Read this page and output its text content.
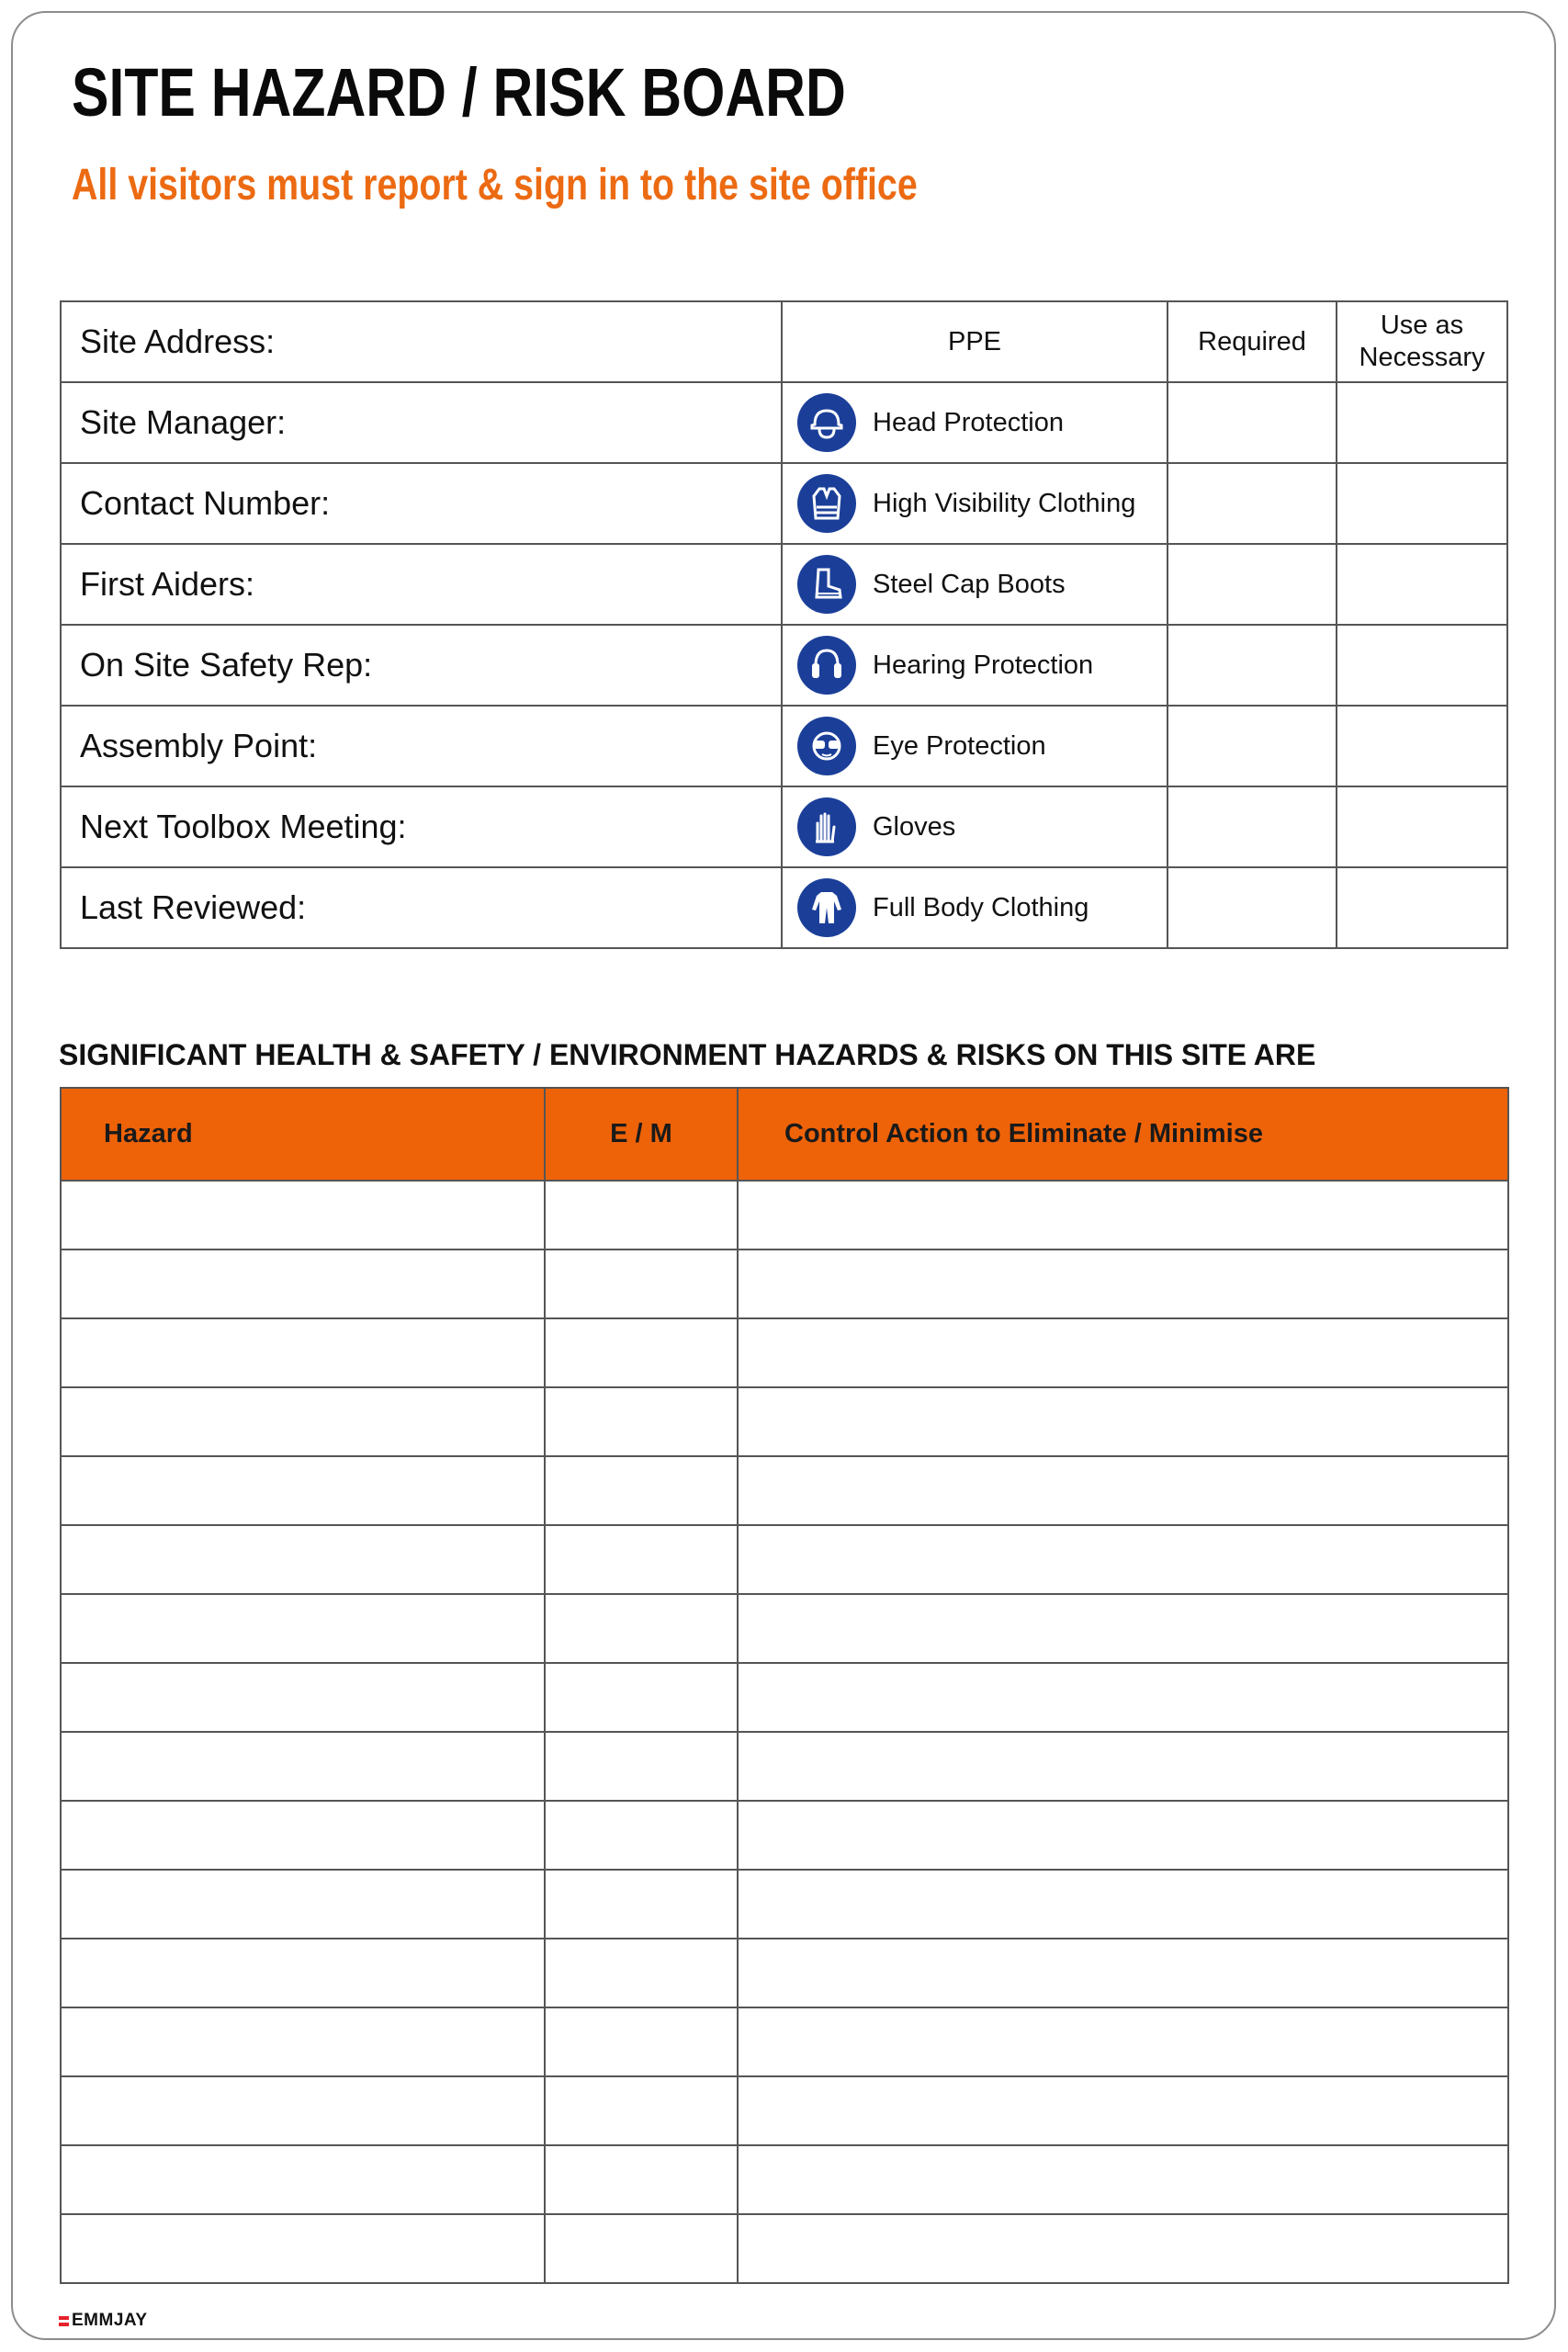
SITE HAZARD / RISK BOARD
All visitors must report & sign in to the site office
Site Address:	PPE	Required	Use as Necessary
Site Manager:	Head Protection		

Contact Number:	High Visibility Clothing		

First Aiders:	Steel Cap Boots		

On Site Safety Rep:	Hearing Protection		

Assembly Point:	Eye Protection		

Next Toolbox Meeting:	Gloves		

Last Reviewed:	Full Body Clothing		

SIGNIFICANT HEALTH & SAFETY / ENVIRONMENT HAZARDS & RISKS ON THIS SITE ARE
Hazard	E / M	Control Action to Eliminate / Minimise

EMMJAY
